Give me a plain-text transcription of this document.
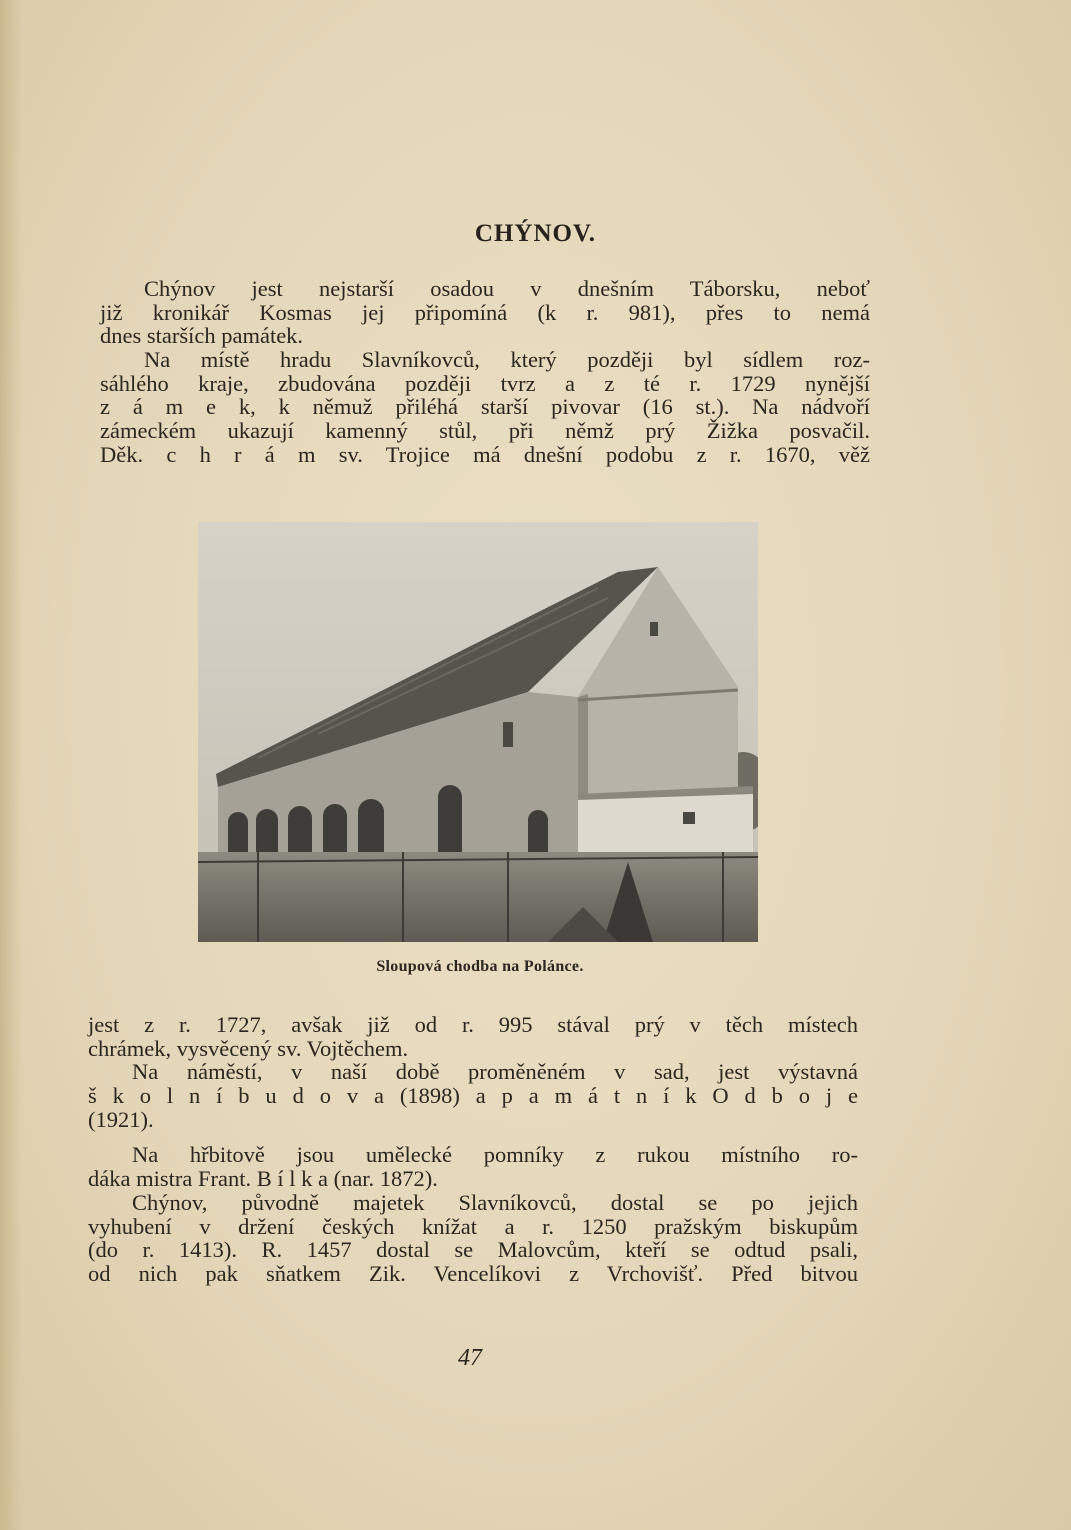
CHÝNOV.
Chýnov jest nejstarší osadou v dnešním Táborsku, neboť
již kronikář Kosmas jej připomíná (k r. 981), přes to nemá
dnes starších památek.
Na místě hradu Slavníkovců, který později byl sídlem roz-
sáhlého kraje, zbudována později tvrz a z té r. 1729 nynější
z á m e k, k němuž přiléhá starší pivovar (16 st.). Na nádvoří
zámeckém ukazují kamenný stůl, při němž prý Žižka posvačil.
Děk. c h r á m sv. Trojice má dnešní podobu z r. 1670, věž
Sloupová chodba na Polánce.
jest z r. 1727, avšak již od r. 995 stával prý v těch místech
chrámek, vysvěcený sv. Vojtěchem.
Na náměstí, v naší době proměněném v sad, jest výstavná
š k o l n í b u d o v a (1898) a p a m á t n í k O d b o j e
(1921).
Na hřbitově jsou umělecké pomníky z rukou místního ro-
dáka mistra Frant. B í l k a (nar. 1872).
Chýnov, původně majetek Slavníkovců, dostal se po jejich
vyhubení v držení českých knížat a r. 1250 pražským biskupům
(do r. 1413). R. 1457 dostal se Malovcům, kteří se odtud psali,
od nich pak sňatkem Zik. Vencelíkovi z Vrchovišť. Před bitvou
47
